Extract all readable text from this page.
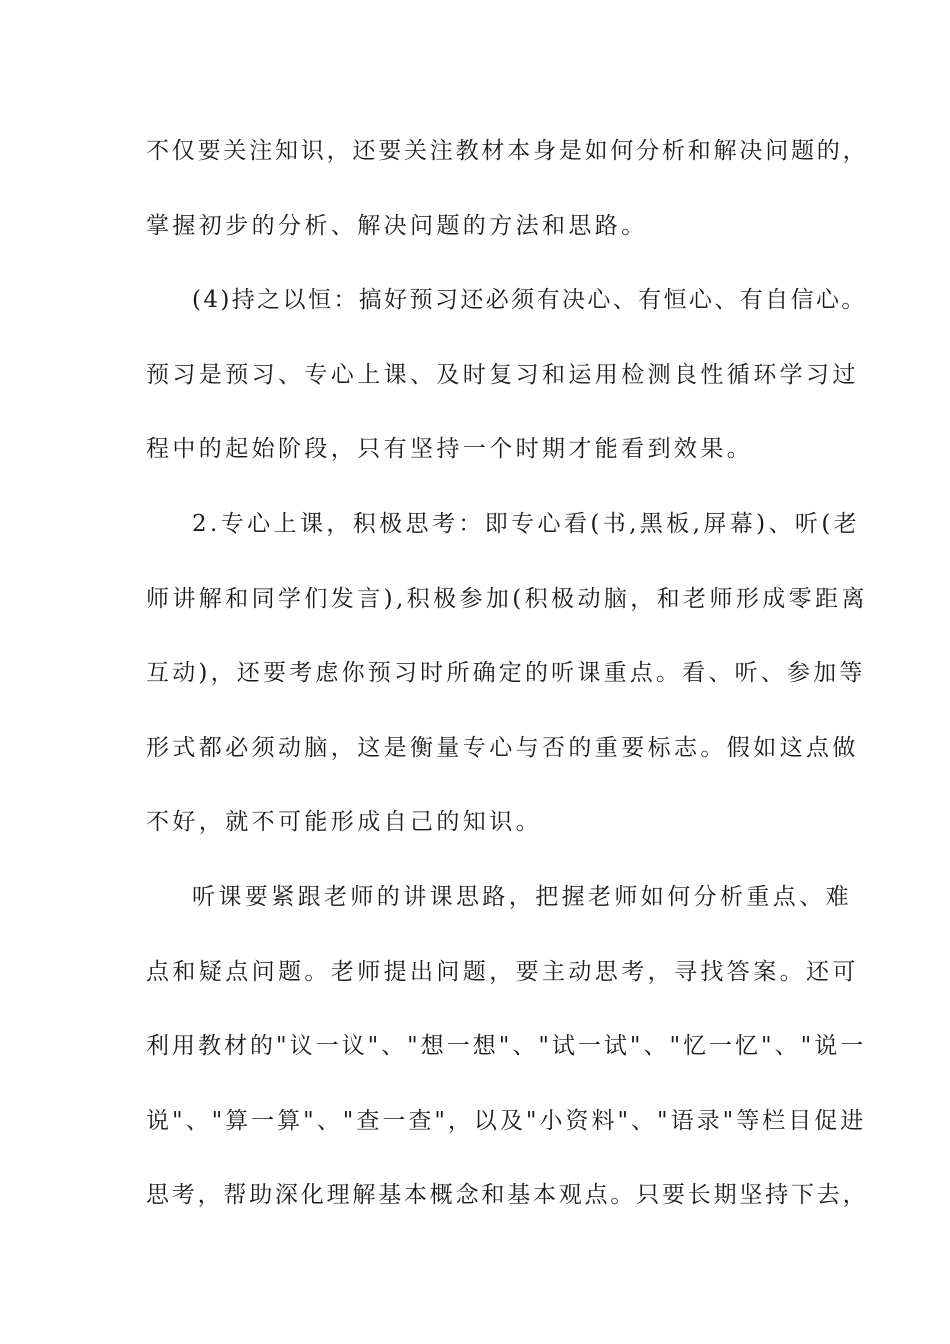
不仅要关注知识，还要关注教材本身是如何分析和解决问题的，
掌握初步的分析、解决问题的方法和思路。
(4)持之以恒：搞好预习还必须有决心、有恒心、有自信心。
预习是预习、专心上课、及时复习和运用检测良性循环学习过
程中的起始阶段，只有坚持一个时期才能看到效果。
2.专心上课，积极思考：即专心看(书,黑板,屏幕)、听(老
师讲解和同学们发言),积极参加(积极动脑，和老师形成零距离
互动)，还要考虑你预习时所确定的听课重点。看、听、参加等
形式都必须动脑，这是衡量专心与否的重要标志。假如这点做
不好，就不可能形成自己的知识。
听课要紧跟老师的讲课思路，把握老师如何分析重点、难
点和疑点问题。老师提出问题，要主动思考，寻找答案。还可
利用教材的"议一议"、"想一想"、"试一试"、"忆一忆"、"说一
说"、"算一算"、"查一查"，以及"小资料"、"语录"等栏目促进
思考，帮助深化理解基本概念和基本观点。只要长期坚持下去，
